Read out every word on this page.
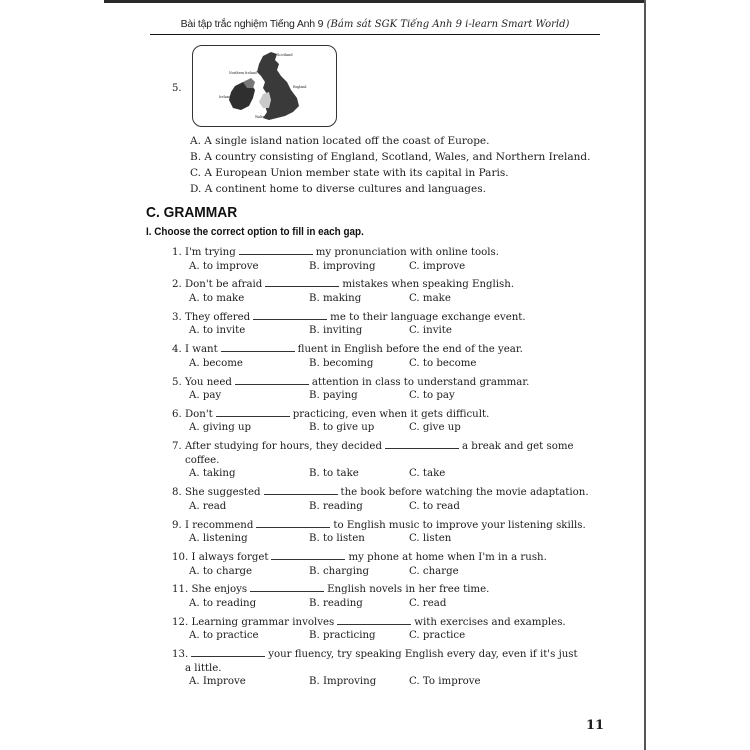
Bài tập trắc nghiệm Tiếng Anh 9 (Bám sát SGK Tiếng Anh 9 i-learn Smart World)
5.
Scotland
Northern Ireland
Ireland
England
Wales
A. A single island nation located off the coast of Europe.
B. A country consisting of England, Scotland, Wales, and Northern Ireland.
C. A European Union member state with its capital in Paris.
D. A continent home to diverse cultures and languages.
C. GRAMMAR
I. Choose the correct option to fill in each gap.
1. I'm trying	my pronunciation with online tools.
A. to improve	B. improving	C. improve
2. Don't be afraid	mistakes when speaking English.
A. to make	B. making	C. make
3. They offered	me to their language exchange event.
A. to invite	B. inviting	C. invite
4. I want	fluent in English before the end of the year.
A. become	B. becoming	C. to become
5. You need	attention in class to understand grammar.
A. pay	B. paying	C. to pay
6. Don't	practicing, even when it gets difficult.
A. giving up	B. to give up	C. give up
7. After studying for hours, they decided	a break and get some
coffee.
A. taking	B. to take	C. take
8. She suggested	the book before watching the movie adaptation.
A. read	B. reading	C. to read
9. I recommend	to English music to improve your listening skills.
A. listening	B. to listen	C. listen
10. I always forget	my phone at home when I'm in a rush.
A. to charge	B. charging	C. charge
11. She enjoys	English novels in her free time.
A. to reading	B. reading	C. read
12. Learning grammar involves	with exercises and examples.
A. to practice	B. practicing	C. practice
13.	your fluency, try speaking English every day, even if it's just
a little.
A. Improve	B. Improving	C. To improve
11
